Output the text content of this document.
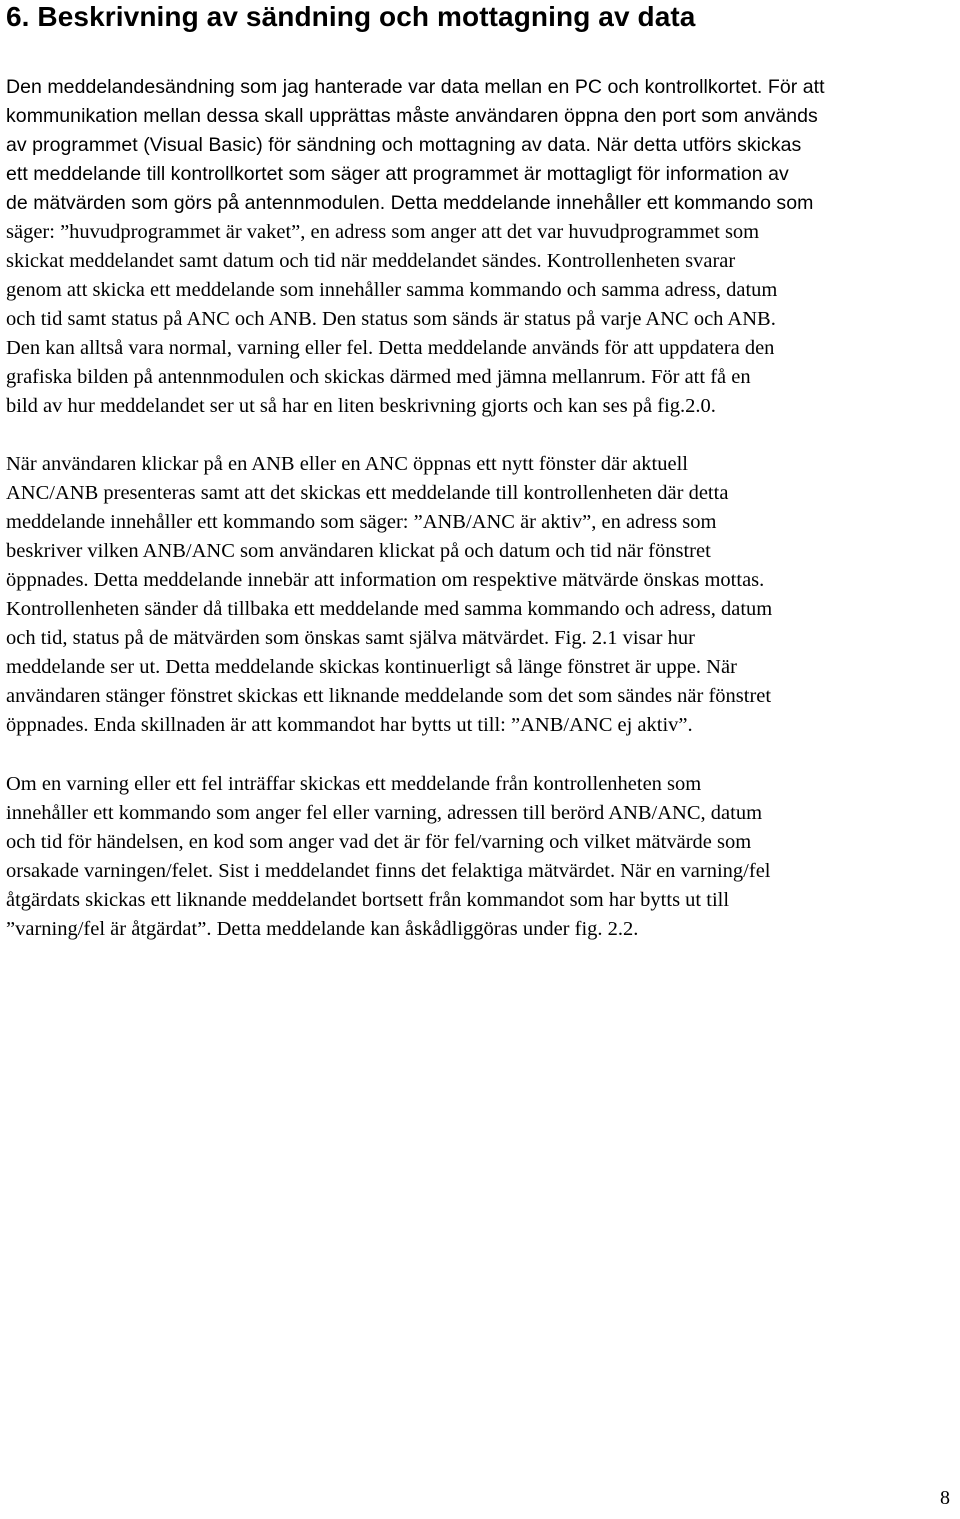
6. Beskrivning av sändning och mottagning av data
Den meddelandesändning som jag hanterade var data mellan en PC och kontrollkortet. För att
kommunikation mellan dessa skall upprättas måste användaren öppna den port som används
av programmet (Visual Basic) för sändning och mottagning av data. När detta utförs skickas
ett meddelande till kontrollkortet som säger att programmet är mottagligt för information av
de mätvärden som görs på antennmodulen. Detta meddelande innehåller ett kommando som
säger: ”huvudprogrammet är vaket”, en adress som anger att det var huvudprogrammet som
skickat meddelandet samt datum och tid när meddelandet sändes. Kontrollenheten svarar
genom att skicka ett meddelande som innehåller samma kommando och samma adress, datum
och tid samt status på ANC och ANB. Den status som sänds är status på varje ANC och ANB.
Den kan alltså vara normal, varning eller fel. Detta meddelande används för att uppdatera den
grafiska bilden på antennmodulen och skickas därmed med jämna mellanrum. För att få en
bild av hur meddelandet ser ut så har en liten beskrivning gjorts och kan ses på fig.2.0.
När användaren klickar på en ANB eller en ANC öppnas ett nytt fönster där aktuell
ANC/ANB presenteras samt att det skickas ett meddelande till kontrollenheten där detta
meddelande innehåller ett kommando som säger: ”ANB/ANC är aktiv”, en adress som
beskriver vilken ANB/ANC som användaren klickat på och datum och tid när fönstret
öppnades. Detta meddelande innebär att information om respektive mätvärde önskas mottas.
Kontrollenheten sänder då tillbaka ett meddelande med samma kommando och adress, datum
och tid, status på de mätvärden som önskas samt själva mätvärdet. Fig. 2.1 visar hur
meddelande ser ut. Detta meddelande skickas kontinuerligt så länge fönstret är uppe. När
användaren stänger fönstret skickas ett liknande meddelande som det som sändes när fönstret
öppnades. Enda skillnaden är att kommandot har bytts ut till: ”ANB/ANC ej aktiv”.
Om en varning eller ett fel inträffar skickas ett meddelande från kontrollenheten som
innehåller ett kommando som anger fel eller varning, adressen till berörd ANB/ANC, datum
och tid för händelsen, en kod som anger vad det är för fel/varning och vilket mätvärde som
orsakade varningen/felet. Sist i meddelandet finns det felaktiga mätvärdet. När en varning/fel
åtgärdats skickas ett liknande meddelandet bortsett från kommandot som har bytts ut till
”varning/fel är åtgärdat”. Detta meddelande kan åskådliggöras under fig. 2.2.
8
